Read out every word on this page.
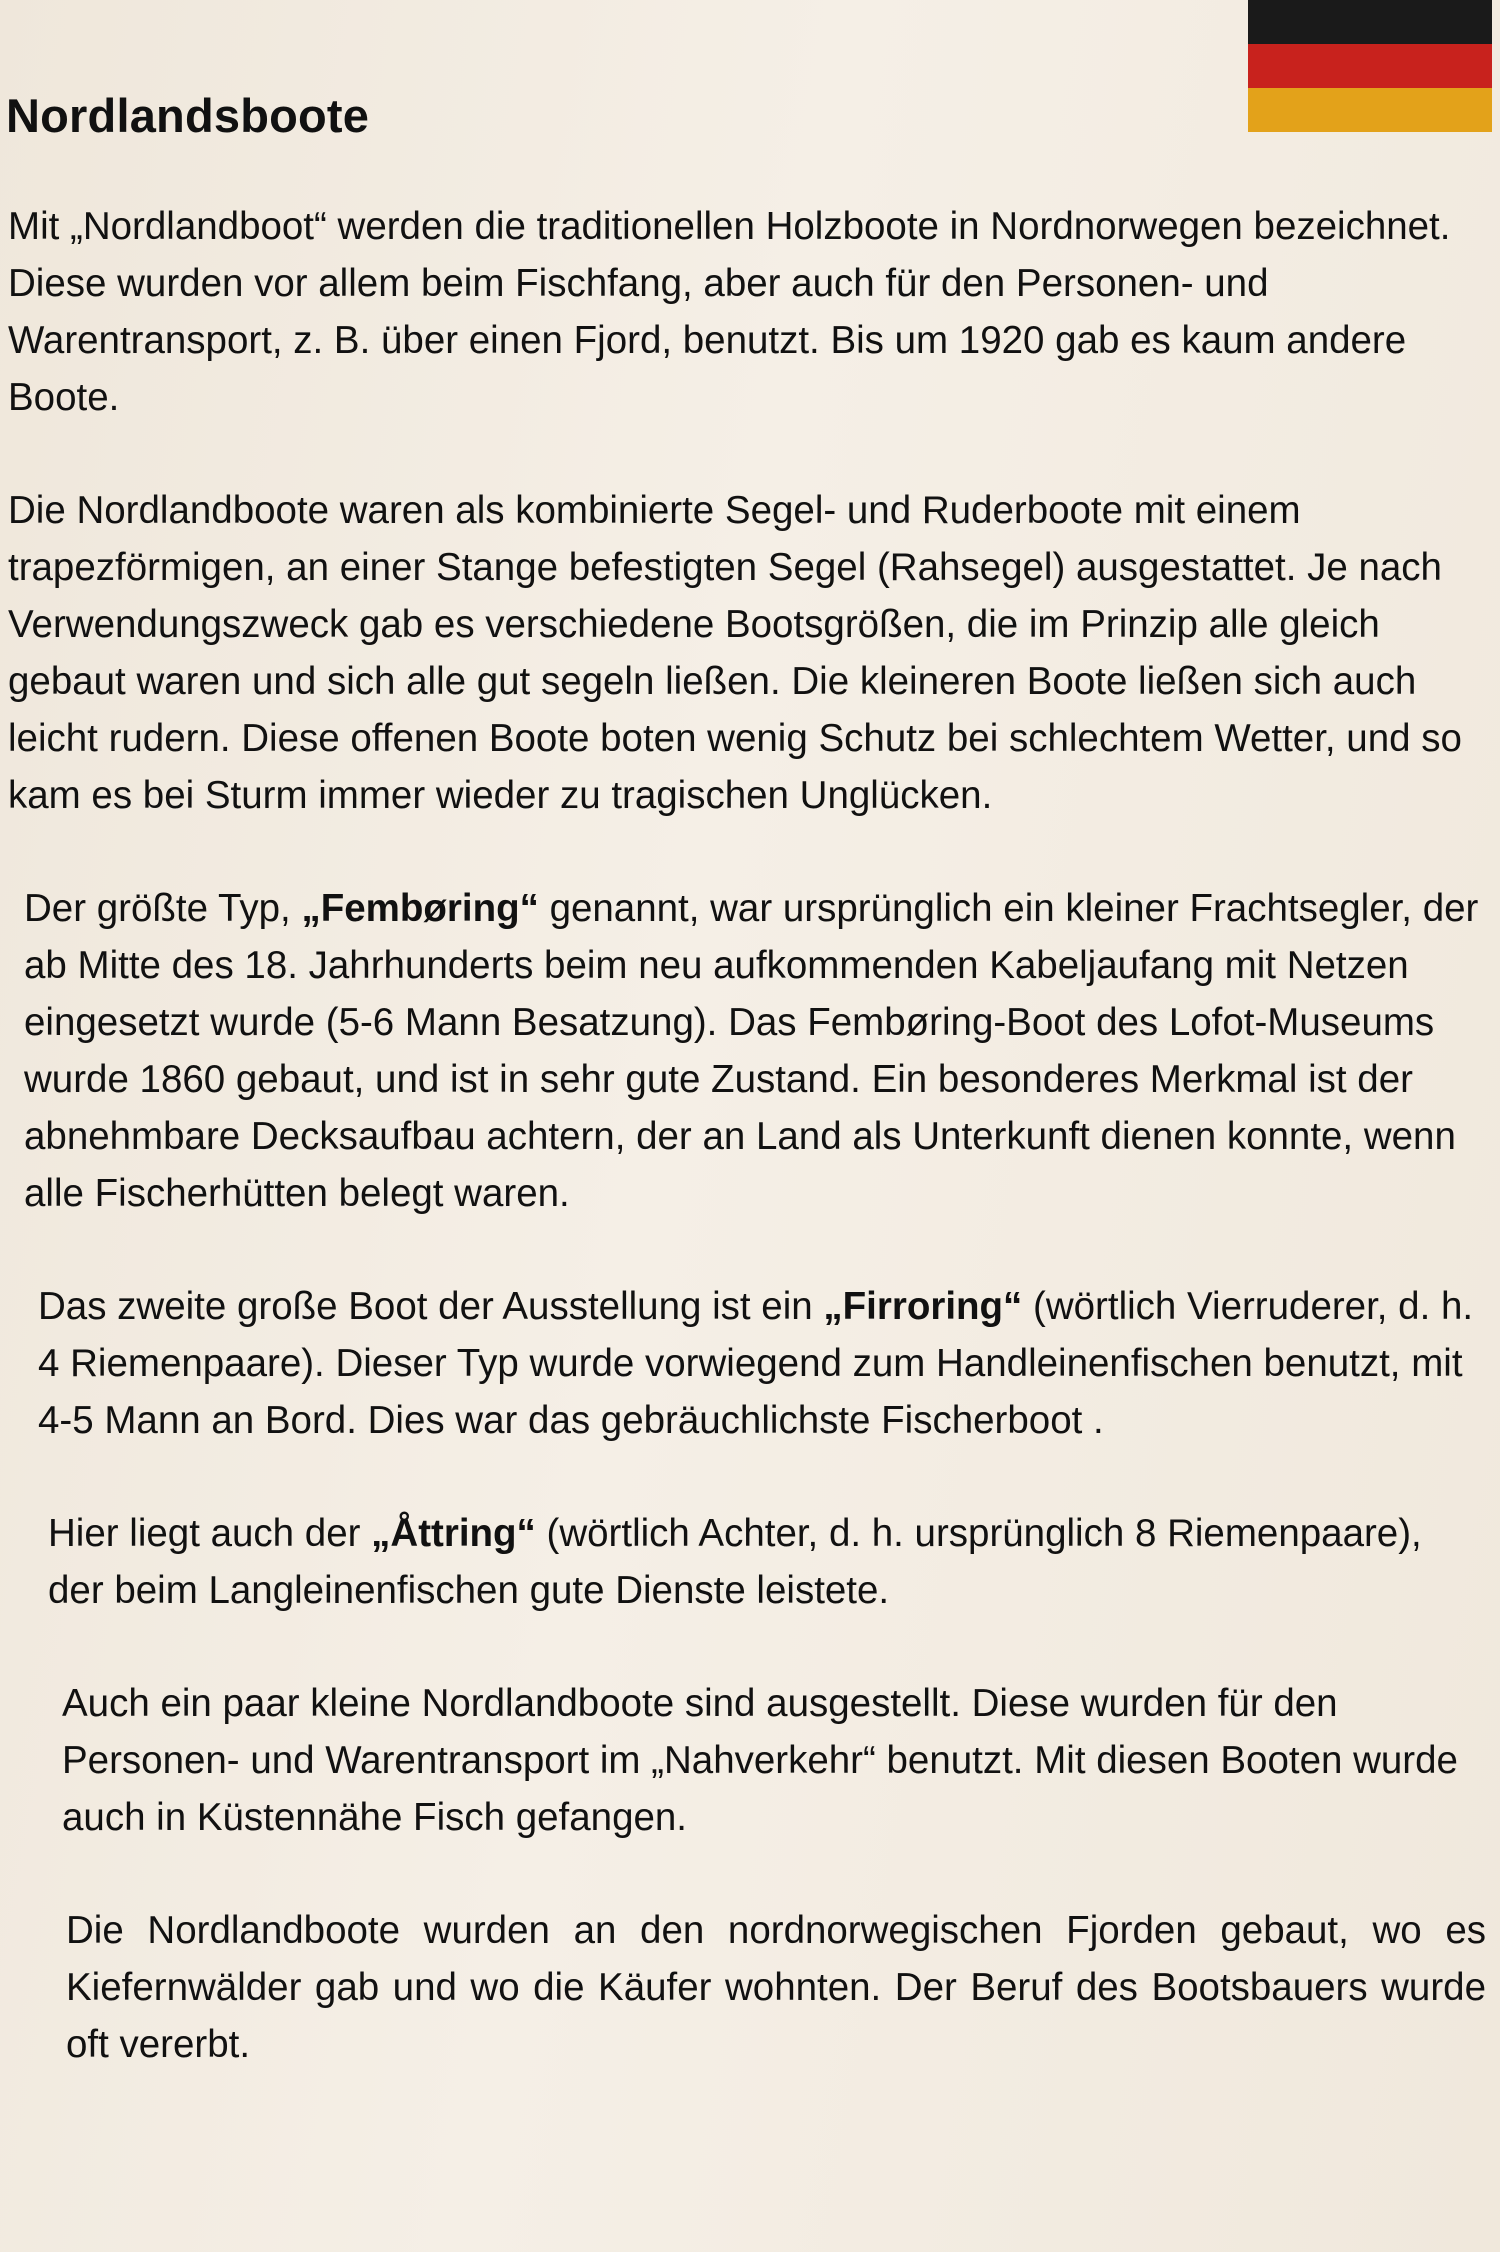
Nordlandsboote

Mit „Nordlandboot“ werden die traditionellen Holzboote in Nordnorwegen bezeichnet. Diese wurden vor allem beim Fischfang, aber auch für den Personen- und Warentransport, z. B. über einen Fjord, benutzt. Bis um 1920 gab es kaum andere Boote.

Die Nordlandboote waren als kombinierte Segel- und Ruderboote mit einem trapezförmigen, an einer Stange befestigten Segel (Rahsegel) ausgestattet. Je nach Verwendungszweck gab es verschiedene Bootsgrößen, die im Prinzip alle gleich gebaut waren und sich alle gut segeln ließen. Die kleineren Boote ließen sich auch leicht rudern. Diese offenen Boote boten wenig Schutz bei schlechtem Wetter, und so kam es bei Sturm immer wieder zu tragischen Unglücken.

Der größte Typ, „Fembøring“ genannt, war ursprünglich ein kleiner Frachtsegler, der ab Mitte des 18. Jahrhunderts beim neu aufkommenden Kabeljaufang mit Netzen eingesetzt wurde (5-6 Mann Besatzung). Das Fembøring-Boot des Lofot-Museums wurde 1860 gebaut, und ist in sehr gute Zustand. Ein besonderes Merkmal ist der abnehmbare Decksaufbau achtern, der an Land als Unterkunft dienen konnte, wenn alle Fischerhütten belegt waren.

Das zweite große Boot der Ausstellung ist ein „Firroring“ (wörtlich Vierruderer, d. h. 4 Riemenpaare). Dieser Typ wurde vorwiegend zum Handleinenfischen benutzt, mit 4-5 Mann an Bord. Dies war das gebräuchlichste Fischerboot .

Hier liegt auch der „Åttring“ (wörtlich Achter, d. h. ursprünglich 8 Riemenpaare), der beim Langleinenfischen gute Dienste leistete.

Auch ein paar kleine Nordlandboote sind ausgestellt. Diese wurden für den Personen- und Warentransport im „Nahverkehr“ benutzt. Mit diesen Booten wurde auch in Küstennähe Fisch gefangen.

Die Nordlandboote wurden an den nordnorwegischen Fjorden gebaut, wo es Kiefernwälder gab und wo die Käufer wohnten. Der Beruf des Bootsbauers wurde oft vererbt.
